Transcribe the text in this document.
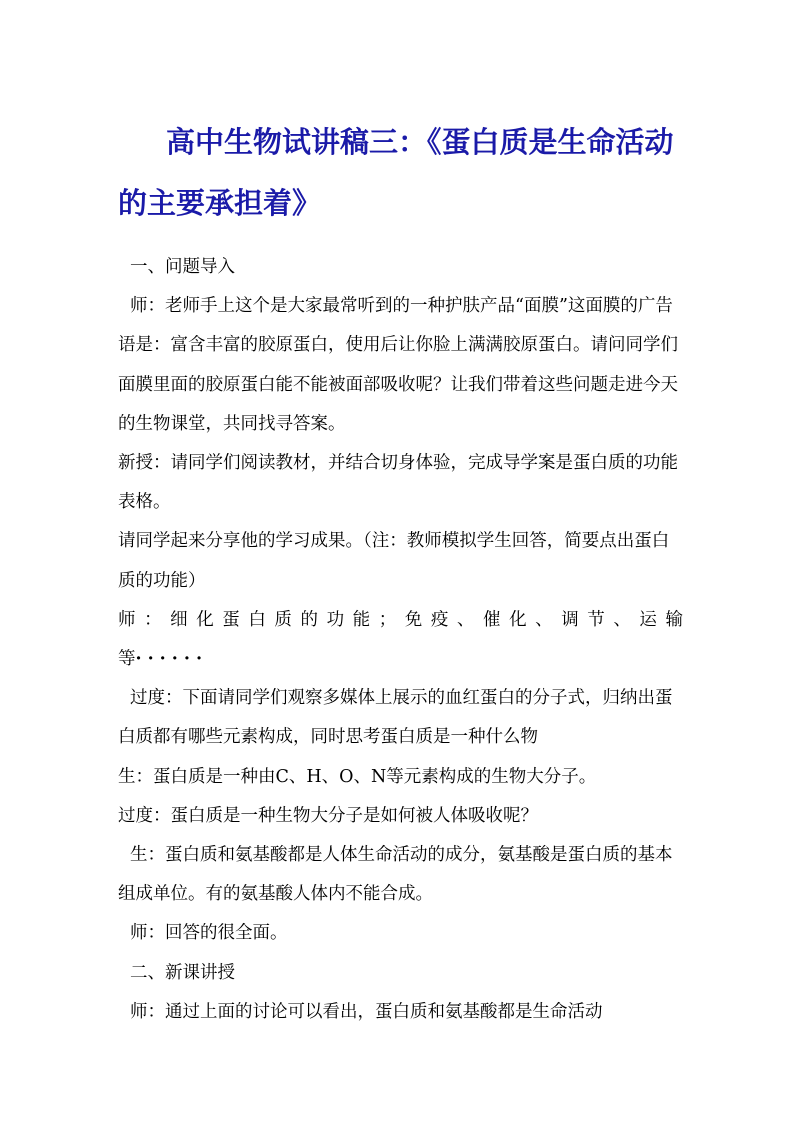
高中生物试讲稿三：《蛋白质是生命活动的主要承担着》

一、问题导入

师：老师手上这个是大家最常听到的一种护肤产品“面膜”这面膜的广告语是：富含丰富的胶原蛋白，使用后让你脸上满满胶原蛋白。请问同学们面膜里面的胶原蛋白能不能被面部吸收呢？让我们带着这些问题走进今天的生物课堂，共同找寻答案。

新授：请同学们阅读教材，并结合切身体验，完成导学案是蛋白质的功能表格。

请同学起来分享他的学习成果。（注：教师模拟学生回答，简要点出蛋白质的功能）

师：细化蛋白质的功能；免疫、催化、调节、运输

等······

过度：下面请同学们观察多媒体上展示的血红蛋白的分子式，归纳出蛋白质都有哪些元素构成，同时思考蛋白质是一种什么物

生：蛋白质是一种由C、H、O、N等元素构成的生物大分子。

过度：蛋白质是一种生物大分子是如何被人体吸收呢？

生：蛋白质和氨基酸都是人体生命活动的成分，氨基酸是蛋白质的基本组成单位。有的氨基酸人体内不能合成。

师：回答的很全面。

二、新课讲授

师：通过上面的讨论可以看出，蛋白质和氨基酸都是生命活动
